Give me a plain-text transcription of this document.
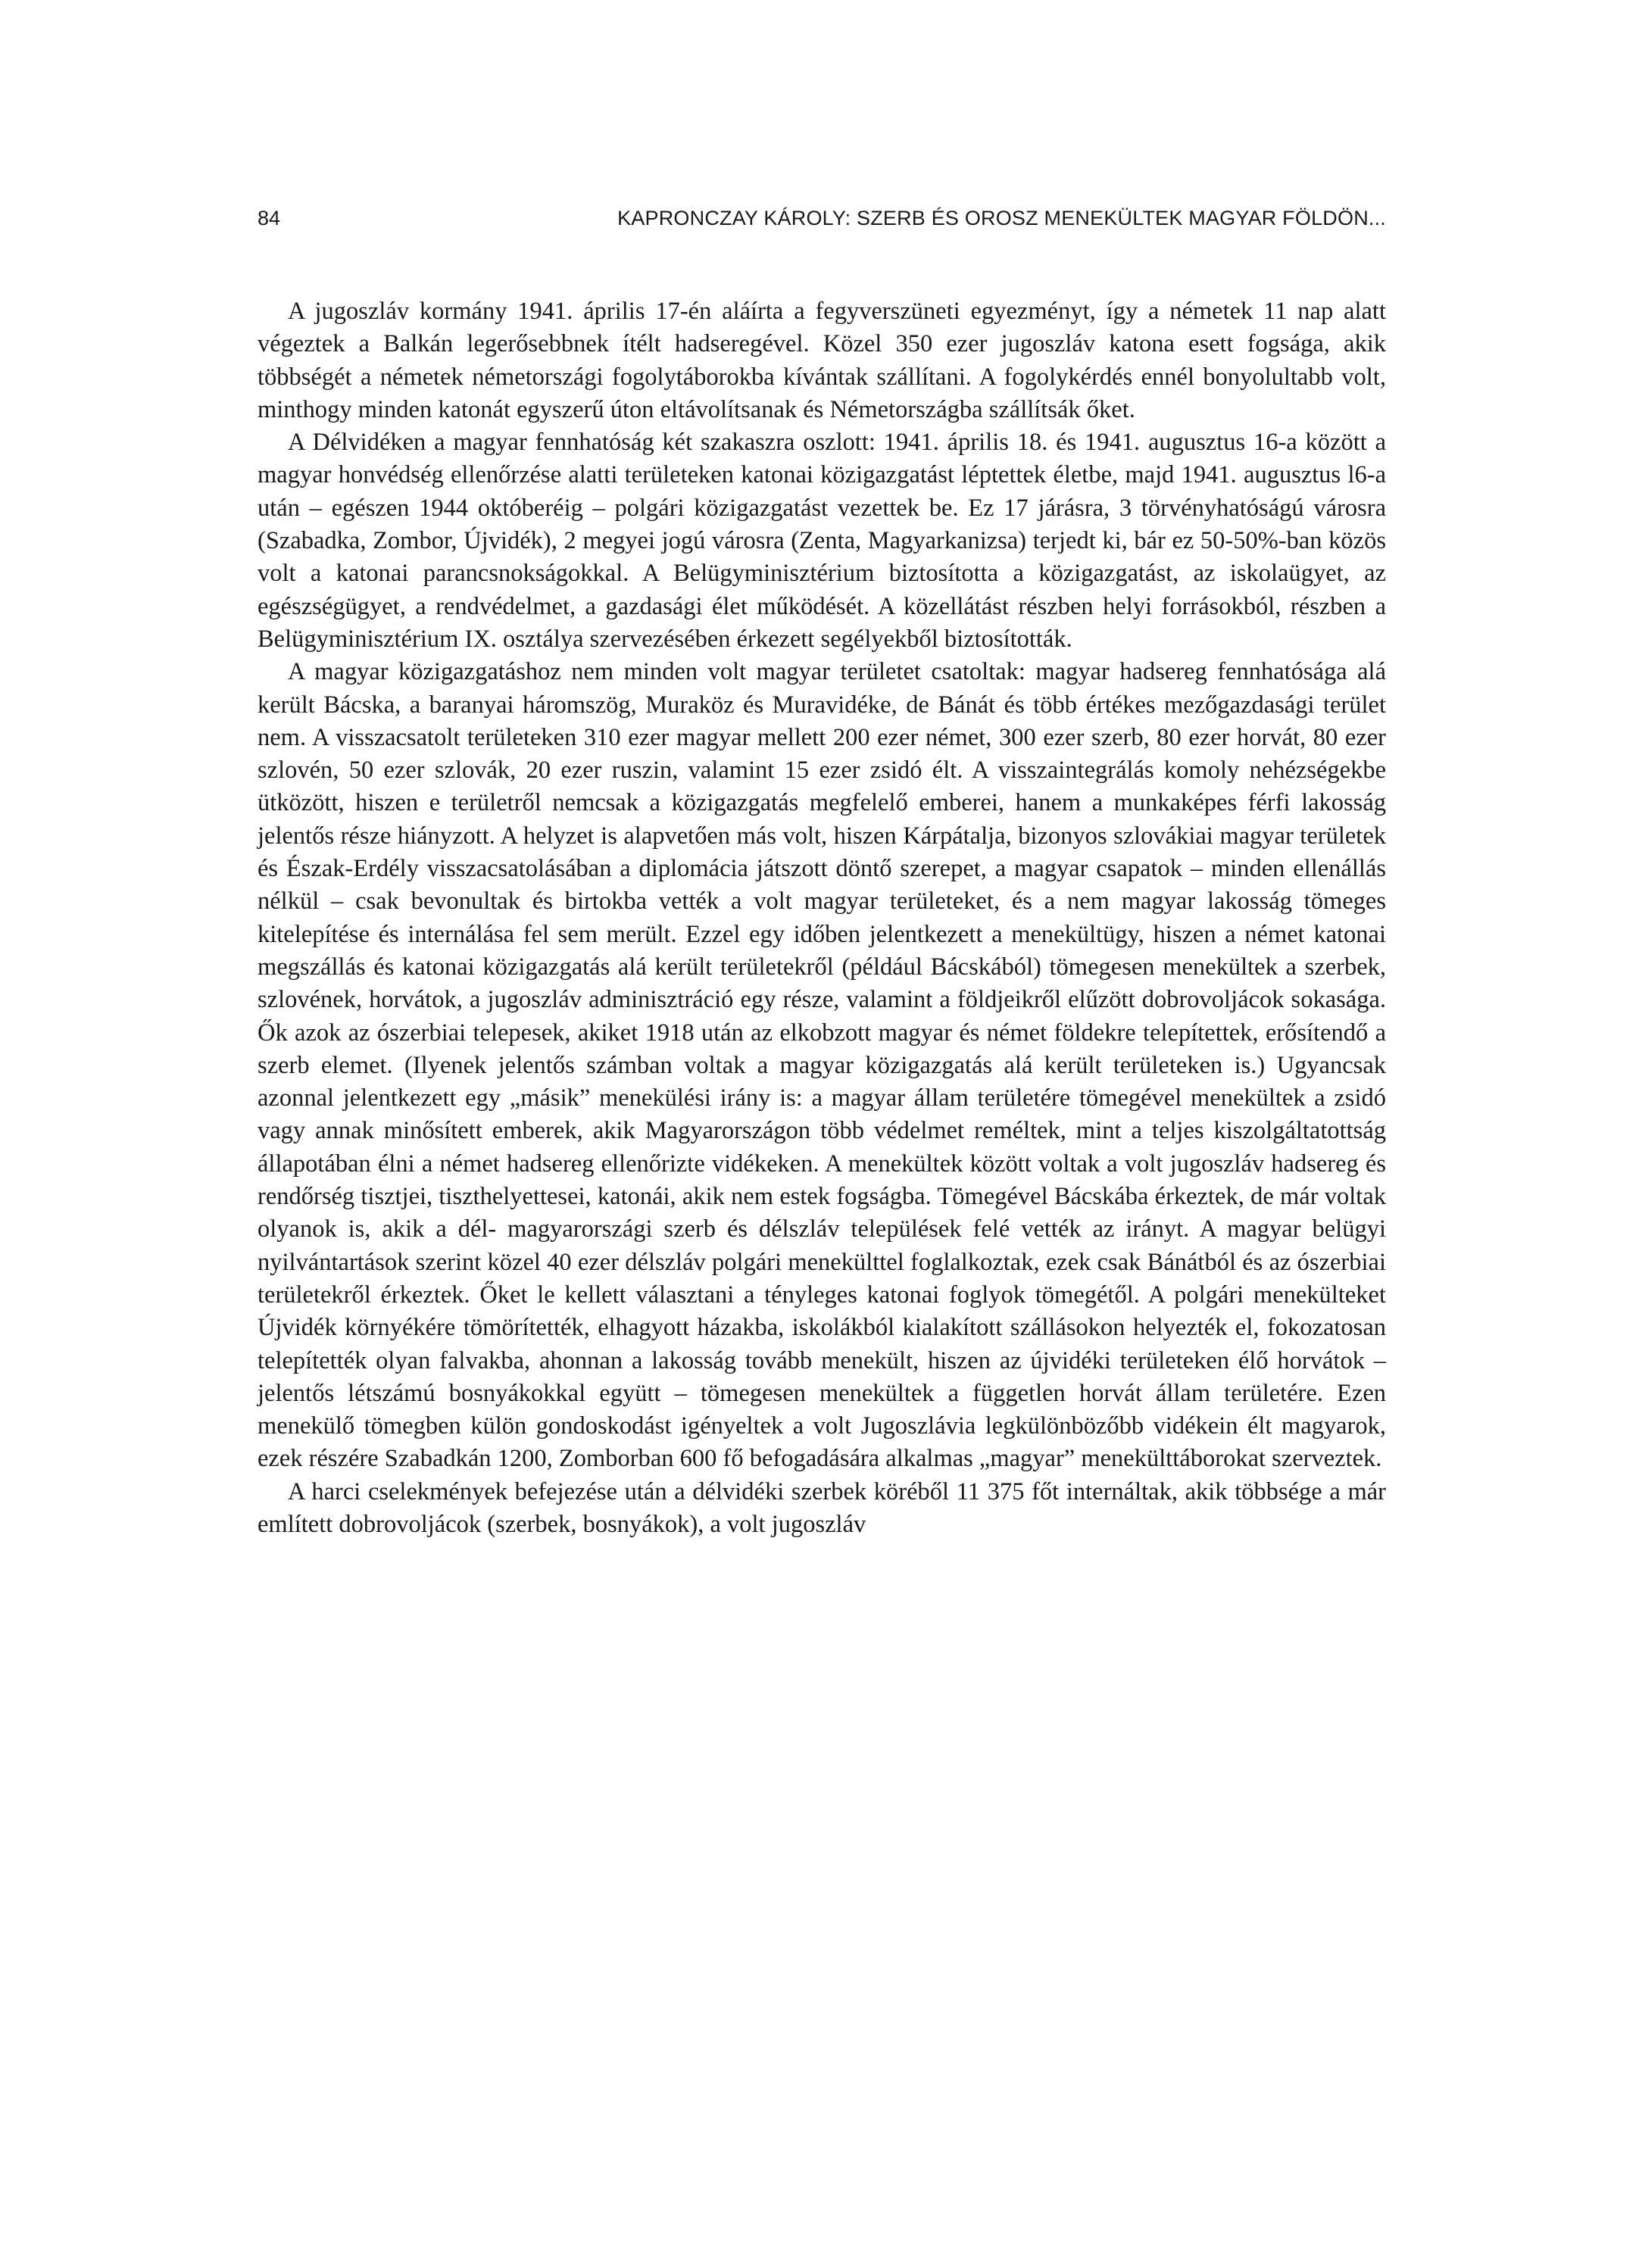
84	KAPRONCZAY KÁROLY: SZERB ÉS OROSZ MENEKÜLTEK MAGYAR FÖLDÖN...

A jugoszláv kormány 1941. április 17-én aláírta a fegyverszüneti egyezményt, így a németek 11 nap alatt végeztek a Balkán legerősebbnek ítélt hadseregével. Közel 350 ezer jugoszláv katona esett fogsága, akik többségét a németek németországi fogolytáborokba kívántak szállítani. A fogolykérdés ennél bonyolultabb volt, minthogy minden katonát egyszerű úton eltávolítsanak és Németországba szállítsák őket.

A Délvidéken a magyar fennhatóság két szakaszra oszlott: 1941. április 18. és 1941. augusztus 16-a között a magyar honvédség ellenőrzése alatti területeken katonai közigazgatást léptettek életbe, majd 1941. augusztus l6-a után – egészen 1944 októberéig – polgári közigazgatást vezettek be. Ez 17 járásra, 3 törvényhatóságú városra (Szabadka, Zombor, Újvidék), 2 megyei jogú városra (Zenta, Magyarkanizsa) terjedt ki, bár ez 50-50%-ban közös volt a katonai parancsnokságokkal. A Belügyminisztérium biztosította a közigazgatást, az iskolaügyet, az egészségügyet, a rendvédelmet, a gazdasági élet működését. A közellátást részben helyi forrásokból, részben a Belügyminisztérium IX. osztálya szervezésében érkezett segélyekből biztosították.

A magyar közigazgatáshoz nem minden volt magyar területet csatoltak: magyar hadsereg fennhatósága alá került Bácska, a baranyai háromszög, Muraköz és Muravidéke, de Bánát és több értékes mezőgazdasági terület nem. A visszacsatolt területeken 310 ezer magyar mellett 200 ezer német, 300 ezer szerb, 80 ezer horvát, 80 ezer szlovén, 50 ezer szlovák, 20 ezer ruszin, valamint 15 ezer zsidó élt. A visszaintegrálás komoly nehézségekbe ütközött, hiszen e területről nemcsak a közigazgatás megfelelő emberei, hanem a munkaképes férfi lakosság jelentős része hiányzott. A helyzet is alapvetően más volt, hiszen Kárpátalja, bizonyos szlovákiai magyar területek és Észak-Erdély visszacsatolásában a diplomácia játszott döntő szerepet, a magyar csapatok – minden ellenállás nélkül – csak bevonultak és birtokba vették a volt magyar területeket, és a nem magyar lakosság tömeges kitelepítése és internálása fel sem merült. Ezzel egy időben jelentkezett a menekültügy, hiszen a német katonai megszállás és katonai közigazgatás alá került területekről (például Bácskából) tömegesen menekültek a szerbek, szlovének, horvátok, a jugoszláv adminisztráció egy része, valamint a földjeikről elűzött dobrovoljácok sokasága. Ők azok az ószerbiai telepesek, akiket 1918 után az elkobzott magyar és német földekre telepítettek, erősítendő a szerb elemet. (Ilyenek jelentős számban voltak a magyar közigazgatás alá került területeken is.) Ugyancsak azonnal jelentkezett egy „másik” menekülési irány is: a magyar állam területére tömegével menekültek a zsidó vagy annak minősített emberek, akik Magyarországon több védelmet reméltek, mint a teljes kiszolgáltatottság állapotában élni a német hadsereg ellenőrizte vidékeken. A menekültek között voltak a volt jugoszláv hadsereg és rendőrség tisztjei, tiszthelyettesei, katonái, akik nem estek fogságba. Tömegével Bácskába érkeztek, de már voltak olyanok is, akik a dél- magyarországi szerb és délszláv települések felé vették az irányt. A magyar belügyi nyilvántartások szerint közel 40 ezer délszláv polgári menekülttel foglalkoztak, ezek csak Bánátból és az ószerbiai területekről érkeztek. Őket le kellett választani a tényleges katonai foglyok tömegétől. A polgári menekülteket Újvidék környékére tömörítették, elhagyott házakba, iskolákból kialakított szállásokon helyezték el, fokozatosan telepítették olyan falvakba, ahonnan a lakosság tovább menekült, hiszen az újvidéki területeken élő horvátok – jelentős létszámú bosnyákokkal együtt – tömegesen menekültek a független horvát állam területére. Ezen menekülő tömegben külön gondoskodást igényeltek a volt Jugoszlávia legkülönbözőbb vidékein élt magyarok, ezek részére Szabadkán 1200, Zomborban 600 fő befogadására alkalmas „magyar” menekülttáborokat szerveztek.

A harci cselekmények befejezése után a délvidéki szerbek köréből 11 375 főt internáltak, akik többsége a már említett dobrovoljácok (szerbek, bosnyákok), a volt jugoszláv
